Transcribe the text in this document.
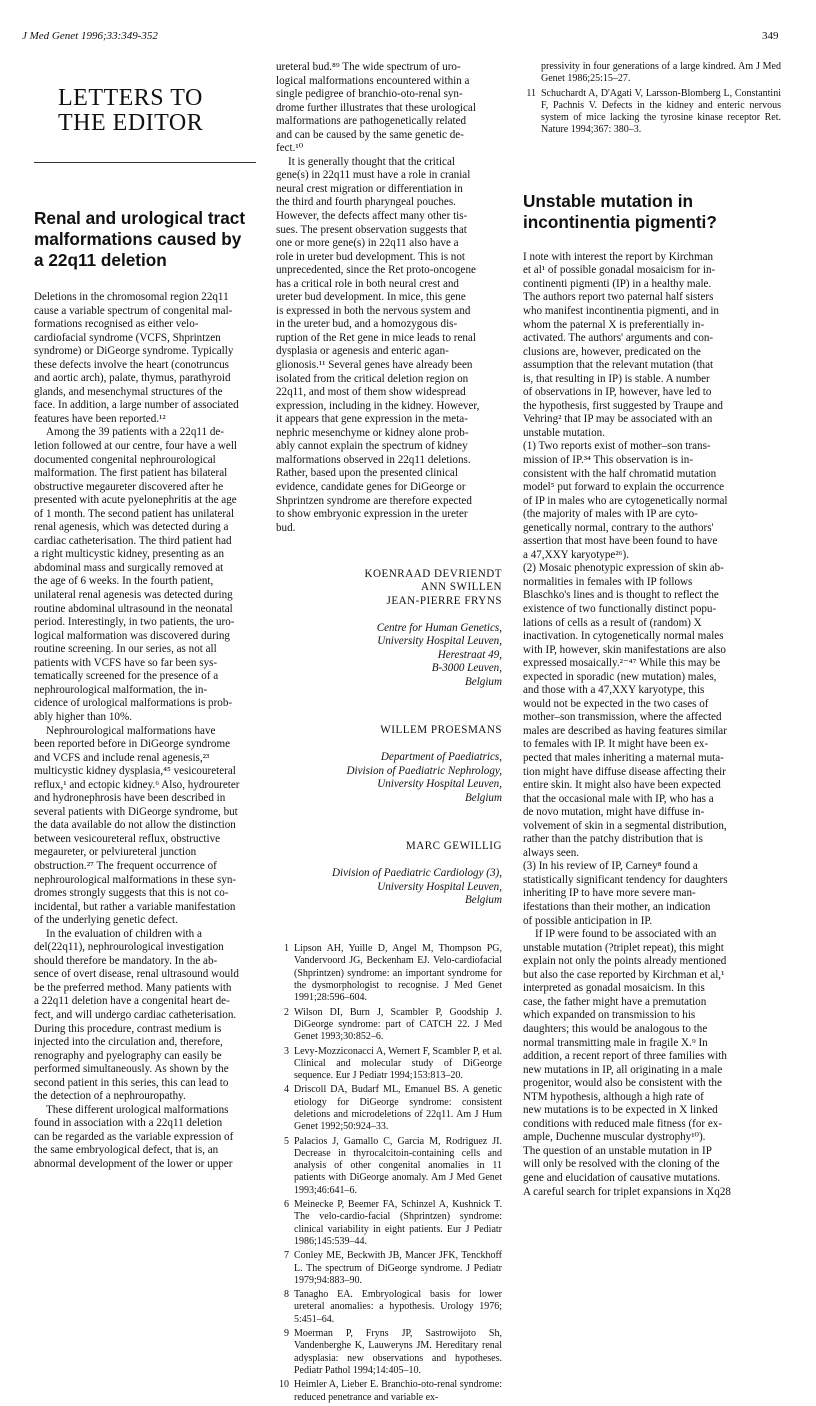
J Med Genet 1996;33:349-352	349
LETTERS TO
THE EDITOR
Renal and urological tract
malformations caused by
a 22q11 deletion

Deletions in the chromosomal region 22q11
cause a variable spectrum of congenital mal-
formations recognised as either velo-
cardiofacial syndrome (VCFS, Shprintzen
syndrome) or DiGeorge syndrome. Typically
these defects involve the heart (conotruncus
and aortic arch), palate, thymus, parathyroid
glands, and mesenchymal structures of the
face. In addition, a large number of associated
features have been reported.¹²

Among the 39 patients with a 22q11 de-
letion followed at our centre, four have a well
documented congenital nephrourological
malformation. The first patient has bilateral
obstructive megaureter discovered after he
presented with acute pyelonephritis at the age
of 1 month. The second patient has unilateral
renal agenesis, which was detected during a
cardiac catheterisation. The third patient had
a right multicystic kidney, presenting as an
abdominal mass and surgically removed at
the age of 6 weeks. In the fourth patient,
unilateral renal agenesis was detected during
routine abdominal ultrasound in the neonatal
period. Interestingly, in two patients, the uro-
logical malformation was discovered during
routine screening. In our series, as not all
patients with VCFS have so far been sys-
tematically screened for the presence of a
nephrourological malformation, the in-
cidence of urological malformations is prob-
ably higher than 10%.

Nephrourological malformations have
been reported before in DiGeorge syndrome
and VCFS and include renal agenesis,²³
multicystic kidney dysplasia,⁴⁵ vesicoureteral
reflux,¹ and ectopic kidney.⁶ Also, hydroureter
and hydronephrosis have been described in
several patients with DiGeorge syndrome, but
the data available do not allow the distinction
between vesicoureteral reflux, obstructive
megaureter, or pelviureteral junction
obstruction.²⁷ The frequent occurrence of
nephrourological malformations in these syn-
dromes strongly suggests that this is not co-
incidental, but rather a variable manifestation
of the underlying genetic defect.

In the evaluation of children with a
del(22q11), nephrourological investigation
should therefore be mandatory. In the ab-
sence of overt disease, renal ultrasound would
be the preferred method. Many patients with
a 22q11 deletion have a congenital heart de-
fect, and will undergo cardiac catheterisation.
During this procedure, contrast medium is
injected into the circulation and, therefore,
renography and pyelography can easily be
performed simultaneously. As shown by the
second patient in this series, this can lead to
the detection of a nephrouropathy.

These different urological malformations
found in association with a 22q11 deletion
can be regarded as the variable expression of
the same embryological defect, that is, an
abnormal development of the lower or upper

ureteral bud.⁸⁹ The wide spectrum of uro-
logical malformations encountered within a
single pedigree of branchio-oto-renal syn-
drome further illustrates that these urological
malformations are pathogenetically related
and can be caused by the same genetic de-
fect.¹⁰

It is generally thought that the critical
gene(s) in 22q11 must have a role in cranial
neural crest migration or differentiation in
the third and fourth pharyngeal pouches.
However, the defects affect many other tis-
sues. The present observation suggests that
one or more gene(s) in 22q11 also have a
role in ureter bud development. This is not
unprecedented, since the Ret proto-oncogene
has a critical role in both neural crest and
ureter bud development. In mice, this gene
is expressed in both the nervous system and
in the ureter bud, and a homozygous dis-
ruption of the Ret gene in mice leads to renal
dysplasia or agenesis and enteric agan-
glionosis.¹¹ Several genes have already been
isolated from the critical deletion region on
22q11, and most of them show widespread
expression, including in the kidney. However,
it appears that gene expression in the meta-
nephric mesenchyme or kidney alone prob-
ably cannot explain the spectrum of kidney
malformations observed in 22q11 deletions.
Rather, based upon the presented clinical
evidence, candidate genes for DiGeorge or
Shprintzen syndrome are therefore expected
to show embryonic expression in the ureter
bud.

KOENRAAD DEVRIENDT
ANN SWILLEN
JEAN-PIERRE FRYNS

Centre for Human Genetics,
University Hospital Leuven,
Herestraat 49,
B-3000 Leuven,
Belgium

WILLEM PROESMANS

Department of Paediatrics,
Division of Paediatric Nephrology,
University Hospital Leuven,
Belgium

MARC GEWILLIG

Division of Paediatric Cardiology (3),
University Hospital Leuven,
Belgium

1 Lipson AH, Yuille D, Angel M, Thompson PG, Vandervoord JG, Beckenham EJ. Velo-cardiofacial (Shprintzen) syndrome: an important syndrome for the dysmorphologist to recognise. J Med Genet 1991;28:596–604.
2 Wilson DI, Burn J, Scambler P, Goodship J. DiGeorge syndrome: part of CATCH 22. J Med Genet 1993;30:852–6.
3 Levy-Mozziconacci A, Wernert F, Scambler P, et al. Clinical and molecular study of DiGeorge sequence. Eur J Pediatr 1994;153:813–20.
4 Driscoll DA, Budarf ML, Emanuel BS. A genetic etiology for DiGeorge syndrome: consistent deletions and microdeletions of 22q11. Am J Hum Genet 1992;50:924–33.
5 Palacios J, Gamallo C, Garcia M, Rodriguez JI. Decrease in thyrocalcitoin-containing cells and analysis of other congenital anomalies in 11 patients with DiGeorge anomaly. Am J Med Genet 1993;46:641–6.
6 Meinecke P, Beemer FA, Schinzel A, Kushnick T. The velo-cardio-facial (Shprintzen) syndrome: clinical variability in eight patients. Eur J Pediatr 1986;145:539–44.
7 Conley ME, Beckwith JB, Mancer JFK, Tenckhoff L. The spectrum of DiGeorge syndrome. J Pediatr 1979;94:883–90.
8 Tanagho EA. Embryological basis for lower ureteral anomalies: a hypothesis. Urology 1976; 5:451–64.
9 Moerman P, Fryns JP, Sastrowijoto Sh, Vandenberghe K, Lauweryns JM. Hereditary renal adysplasia: new observations and hypotheses. Pediatr Pathol 1994;14:405–10.
10 Heimler A, Lieber E. Branchio-oto-renal syndrome: reduced penetrance and variable ex-

pressivity in four generations of a large kindred. Am J Med Genet 1986;25:15–27.

11 Schuchardt A, D'Agati V, Larsson-Blomberg L, Constantini F, Pachnis V. Defects in the kidney and enteric nervous system of mice lacking the tyrosine kinase receptor Ret. Nature 1994;367: 380–3.
Unstable mutation in
incontinentia pigmenti?

I note with interest the report by Kirchman
et al¹ of possible gonadal mosaicism for in-
continenti pigmenti (IP) in a healthy male.
The authors report two paternal half sisters
who manifest incontinentia pigmenti, and in
whom the paternal X is preferentially in-
activated. The authors' arguments and con-
clusions are, however, predicated on the
assumption that the relevant mutation (that
is, that resulting in IP) is stable. A number
of observations in IP, however, have led to
the hypothesis, first suggested by Traupe and
Vehring² that IP may be associated with an
unstable mutation.

(1) Two reports exist of mother–son trans-
mission of IP.³⁴ This observation is in-
consistent with the half chromatid mutation
model⁵ put forward to explain the occurrence
of IP in males who are cytogenetically normal
(the majority of males with IP are cyto-
genetically normal, contrary to the authors'
assertion that most have been found to have
a 47,XXY karyotype²⁶).

(2) Mosaic phenotypic expression of skin ab-
normalities in females with IP follows
Blaschko's lines and is thought to reflect the
existence of two functionally distinct popu-
lations of cells as a result of (random) X
inactivation. In cytogenetically normal males
with IP, however, skin manifestations are also
expressed mosaically.²⁻⁴⁷ While this may be
expected in sporadic (new mutation) males,
and those with a 47,XXY karyotype, this
would not be expected in the two cases of
mother–son transmission, where the affected
males are described as having features similar
to females with IP. It might have been ex-
pected that males inheriting a maternal muta-
tion might have diffuse disease affecting their
entire skin. It might also have been expected
that the occasional male with IP, who has a
de novo mutation, might have diffuse in-
volvement of skin in a segmental distribution,
rather than the patchy distribution that is
always seen.

(3) In his review of IP, Carney⁸ found a
statistically significant tendency for daughters
inheriting IP to have more severe man-
ifestations than their mother, an indication
of possible anticipation in IP.

If IP were found to be associated with an
unstable mutation (?triplet repeat), this might
explain not only the points already mentioned
but also the case reported by Kirchman et al,¹
interpreted as gonadal mosaicism. In this
case, the father might have a premutation
which expanded on transmission to his
daughters; this would be analogous to the
normal transmitting male in fragile X.⁹ In
addition, a recent report of three families with
new mutations in IP, all originating in a male
progenitor, would also be consistent with the
NTM hypothesis, although a high rate of
new mutations is to be expected in X linked
conditions with reduced male fitness (for ex-
ample, Duchenne muscular dystrophy¹⁰).
The question of an unstable mutation in IP
will only be resolved with the cloning of the
gene and elucidation of causative mutations.
A careful search for triplet expansions in Xq28
